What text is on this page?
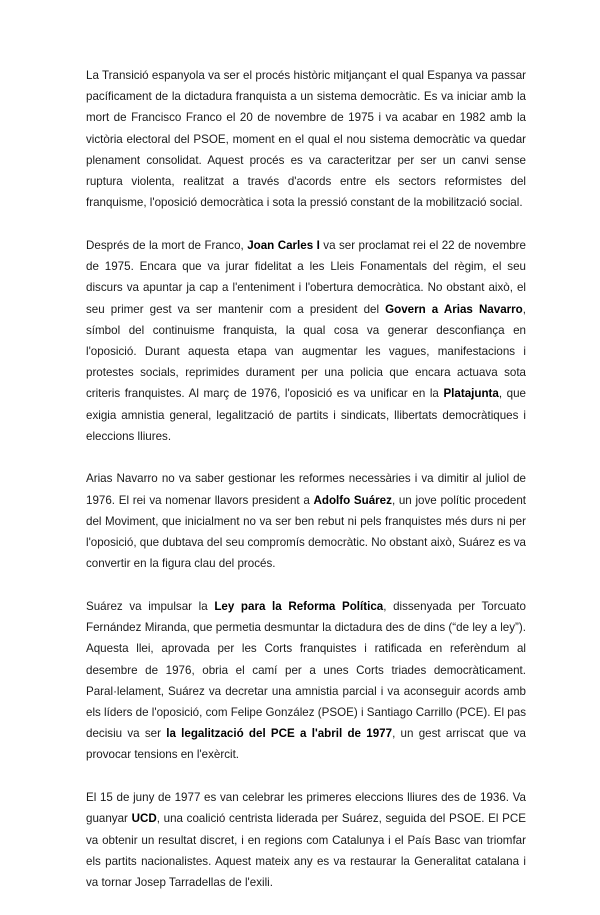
La Transició espanyola va ser el procés històric mitjançant el qual Espanya va passar pacíficament de la dictadura franquista a un sistema democràtic. Es va iniciar amb la mort de Francisco Franco el 20 de novembre de 1975 i va acabar en 1982 amb la victòria electoral del PSOE, moment en el qual el nou sistema democràtic va quedar plenament consolidat. Aquest procés es va caracteritzar per ser un canvi sense ruptura violenta, realitzat a través d'acords entre els sectors reformistes del franquisme, l'oposició democràtica i sota la pressió constant de la mobilització social.

Després de la mort de Franco, Joan Carles I va ser proclamat rei el 22 de novembre de 1975. Encara que va jurar fidelitat a les Lleis Fonamentals del règim, el seu discurs va apuntar ja cap a l'enteniment i l'obertura democràtica. No obstant això, el seu primer gest va ser mantenir com a president del Govern a Arias Navarro, símbol del continuisme franquista, la qual cosa va generar desconfiança en l'oposició. Durant aquesta etapa van augmentar les vagues, manifestacions i protestes socials, reprimides durament per una policia que encara actuava sota criteris franquistes. Al març de 1976, l'oposició es va unificar en la Platajunta, que exigia amnistia general, legalització de partits i sindicats, llibertats democràtiques i eleccions lliures.

Arias Navarro no va saber gestionar les reformes necessàries i va dimitir al juliol de 1976. El rei va nomenar llavors president a Adolfo Suárez, un jove polític procedent del Moviment, que inicialment no va ser ben rebut ni pels franquistes més durs ni per l'oposició, que dubtava del seu compromís democràtic. No obstant això, Suárez es va convertir en la figura clau del procés.

Suárez va impulsar la Ley para la Reforma Política, dissenyada per Torcuato Fernández Miranda, que permetia desmuntar la dictadura des de dins (“de ley a ley”). Aquesta llei, aprovada per les Corts franquistes i ratificada en referèndum al desembre de 1976, obria el camí per a unes Corts triades democràticament. Paral·lelament, Suárez va decretar una amnistia parcial i va aconseguir acords amb els líders de l'oposició, com Felipe González (PSOE) i Santiago Carrillo (PCE). El pas decisiu va ser la legalització del PCE a l'abril de 1977, un gest arriscat que va provocar tensions en l'exèrcit.

El 15 de juny de 1977 es van celebrar les primeres eleccions lliures des de 1936. Va guanyar UCD, una coalició centrista liderada per Suárez, seguida del PSOE. El PCE va obtenir un resultat discret, i en regions com Catalunya i el País Basc van triomfar els partits nacionalistes. Aquest mateix any es va restaurar la Generalitat catalana i va tornar Josep Tarradellas de l'exili.
